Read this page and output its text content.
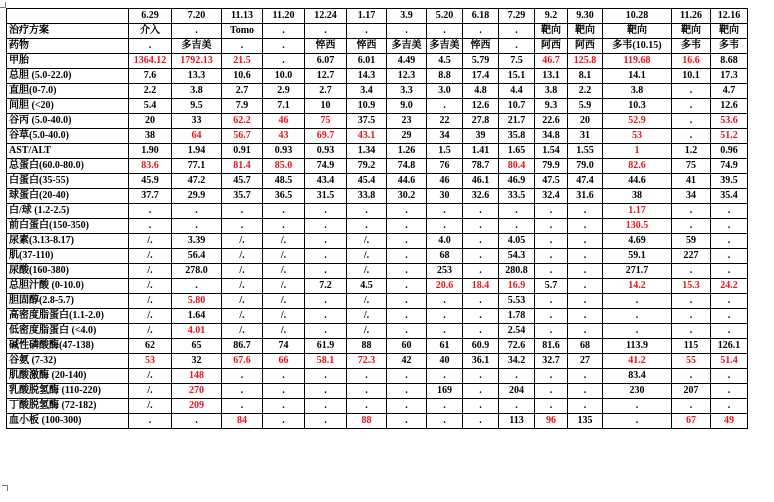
	6.29	7.20	11.13	11.20	12.24	1.17	3.9	5.20	6.18	7.29	9.2	9.30	10.28	11.26	12.16
治疗方案	介入	.	Tomo	.	.	.	.	.	.	.	靶向	靶向	靶向	靶向	靶向
药物	.	多吉美	.	.	悴西	悴西	多吉美	多吉美	悴西	.	阿西	阿西	多韦(10.15)	多韦	多韦
甲胎	1364.12	1792.13	21.5	.	6.07	6.01	4.49	4.5	5.79	7.5	46.7	125.8	119.68	16.6	8.68
总胆 (5.0-22.0)	7.6	13.3	10.6	10.0	12.7	14.3	12.3	8.8	17.4	15.1	13.1	8.1	14.1	10.1	17.3
直胆(0-7.0)	2.2	3.8	2.7	2.9	2.7	3.4	3.3	3.0	4.8	4.4	3.8	2.2	3.8	.	4.7
间胆 (<20)	5.4	9.5	7.9	7.1	10	10.9	9.0	.	12.6	10.7	9.3	5.9	10.3	.	12.6
谷丙 (5.0-40.0)	20	33	62.2	46	75	37.5	23	22	27.8	21.7	22.6	20	52.9	.	53.6
谷草(5.0-40.0)	38	64	56.7	43	69.7	43.1	29	34	39	35.8	34.8	31	53	.	51.2
AST/ALT	1.90	1.94	0.91	0.93	0.93	1.34	1.26	1.5	1.41	1.65	1.54	1.55	1	1.2	0.96
总蛋白(60.0-80.0)	83.6	77.1	81.4	85.0	74.9	79.2	74.8	76	78.7	80.4	79.9	79.0	82.6	75	74.9
白蛋白(35-55)	45.9	47.2	45.7	48.5	43.4	45.4	44.6	46	46.1	46.9	47.5	47.4	44.6	41	39.5
球蛋白(20-40)	37.7	29.9	35.7	36.5	31.5	33.8	30.2	30	32.6	33.5	32.4	31.6	38	34	35.4
白/球 (1.2-2.5)	.	.	.	.	.	.	.	.	.	.	.	.	1.17	.	.
前白蛋白(150-350)	.	.	.	.	.	.	.	.	.	.	.	.	130.5	.	.
尿素(3.13-8.17)	/.	3.39	/.	/.	.	/.	.	4.0	.	4.05	.	.	4.69	59	.
肌(37-110)	/.	56.4	/.	/.	.	/.	.	68	.	54.3	.	.	59.1	227	.
尿酸(160-380)	/.	278.0	/.	/.	.	/.	.	253	.	280.8	.	.	271.7	.	.
总胆汁酸 (0-10.0)	/.	.	/.	/.	7.2	4.5	.	20.6	18.4	16.9	5.7	.	14.2	15.3	24.2
胆固醇(2.8-5.7)	/.	5.80	/.	/.	.	/.	.	.	.	5.53	.	.	.	.	.
高密度脂蛋白(1.1-2.0)	/.	1.64	/.	/.	.	/.	.	.	.	1.78	.	.	.	.	.
低密度脂蛋白 (<4.0)	/.	4.01	/.	/.	.	/.	.	.	.	2.54	.	.	.	.	.
碱性磷酸酶(47-138)	62	65	86.7	74	61.9	88	60	61	60.9	72.6	81.6	68	113.9	115	126.1
谷氨 (7-32)	53	32	67.6	66	58.1	72.3	42	40	36.1	34.2	32.7	27	41.2	55	51.4
肌酸激酶 (20-140)	/.	148	.	.	.	.	.	.	.	.	.	.	83.4	.	.
乳酸脱氢酶 (110-220)	/.	270	.	.	.	.	.	169	.	204	.	.	230	207	.
丁酸脱氢酶 (72-182)	/.	209	.	.	.	.	.	.	.	.	.	.	.	.	.
血小板 (100-300)	.	.	84	.	.	88	.	.	.	113	96	135	.	67	49
